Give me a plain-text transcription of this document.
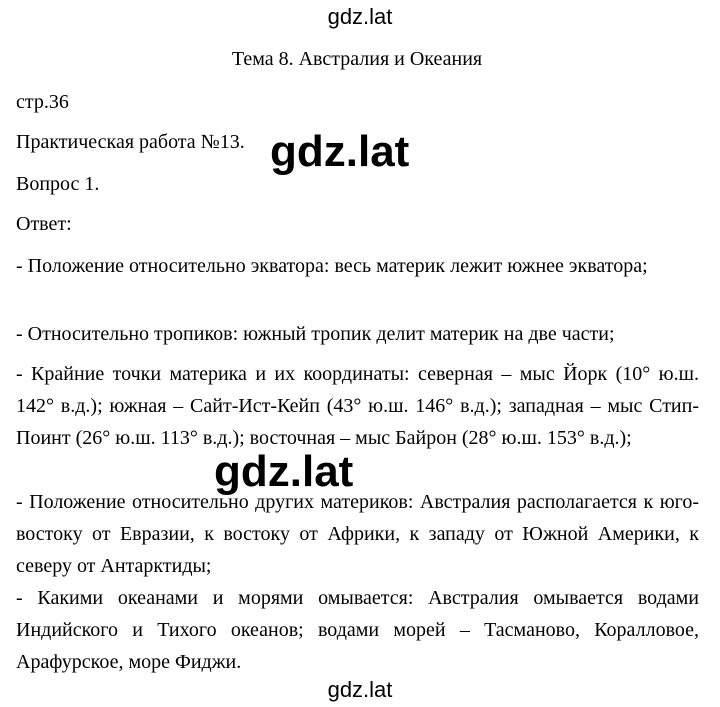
gdz.lat
Тема 8. Австралия и Океания
стр.36
Практическая работа №13.
Вопрос 1.
Ответ:
- Положение относительно экватора: весь материк лежит южнее экватора;
- Относительно тропиков: южный тропик делит материк на две части;
- Крайние точки материка и их координаты: северная – мыс Йорк (10° ю.ш. 142° в.д.); южная – Сайт-Ист-Кейп (43° ю.ш. 146° в.д.); западная – мыс Стип-Поинт (26° ю.ш. 113° в.д.); восточная – мыс Байрон (28° ю.ш. 153° в.д.);
- Положение относительно других материков: Австралия располагается к юго-востоку от Евразии, к востоку от Африки, к западу от Южной Америки, к северу от Антарктиды;
- Какими океанами и морями омывается: Австралия омывается водами Индийского и Тихого океанов; водами морей – Тасманово, Коралловое, Арафурское, море Фиджи.
gdz.lat
gdz.lat
gdz.lat
